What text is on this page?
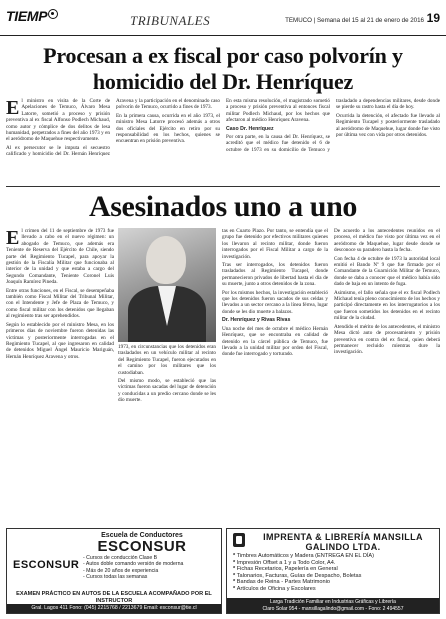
TIEMP	TRIBUNALES	TEMUCO | Semana del 15 al 21 de enero de 2016 19
Procesan a ex fiscal por caso polvorín y homicidio del Dr. Henríquez

El ministro en visita de la Corte de Apelaciones de Temuco, Álvaro Mesa Latorre, sometió a proceso y prisión preventiva al ex fiscal Alfonso Podlech Michaud, como autor y cómplice de dos delitos de lesa humanidad, perpetrados a fines del año 1973 y en el aeródromo de Maquehue respectivamente.

Al ex persecutor se le imputa el secuestro calificado y homicidio del Dr. Hernán Henríquez Aravena y la participación en el denominado caso polvorín de Temuco, ocurrido a fines de 1973.

En la primera causa, ocurrida en el año 1973, el ministro Mesa Latorre procesó además a otros dos oficiales del Ejército en retiro por su responsabilidad en los hechos, quienes se encuentran en prisión preventiva.

En esta misma resolución, el magistrado sometió a proceso y prisión preventiva al entonces fiscal militar Podlech Michaud, por los hechos que afectaron al médico Henríquez Aravena.

Caso Dr. Henríquez

Por otra parte, en la causa del Dr. Henríquez, se acreditó que el médico fue detenido el 6 de octubre de 1973 en su domicilio de Temuco y trasladado a dependencias militares, desde donde se pierde su rastro hasta el día de hoy.

Ocurrida la detención, el afectado fue llevado al Regimiento Tucapel y posteriormente trasladado al aeródromo de Maquehue, lugar donde fue visto por última vez con vida por otros detenidos.

Asesinados uno a uno

El crimen del 11 de septiembre de 1973 fue llevado a cabo en el nuevo régimen: un abogado de Temuco, que además era Teniente de Reserva del Ejército de Chile, siendo parte del Regimiento Tucapel, para apoyar la gestión de la Fiscalía Militar que funcionaba al interior de la unidad y que estaba a cargo del Segundo Comandante, Teniente Coronel Luis Joaquín Ramírez Pineda.

Entre otras funciones, en el Fiscal, se desempeñaba también como Fiscal Militar del Tribunal Militar, con el Intendente y Jefe de Plaza de Temuco, y como fiscal militar con los detenidos que llegaban al regimiento tras ser aprehendidos.

Según lo establecido por el ministro Mesa, en los primeros días de noviembre fueron detenidas las víctimas y posteriormente interrogadas en el Regimiento Tucapel, al que ingresaron en calidad de detenidos Miguel Ángel Mauricio Mariguán, Hernán Henríquez Aravena y otros.

1973, en circunstancias que los detenidos eran trasladados en un vehículo militar al recinto del Regimiento Tucapel, fueron ejecutados en el camino por los militares que los custodiaban.

Del mismo modo, se estableció que las víctimas fueron sacadas del lugar de detención y conducidas a un predio cercano donde se les dio muerte.

tas en Cuarto Plazo. Por tanto, se entendía que el grupo fue detenido por efectivos militares quienes los llevaron al recinto militar, donde fueron interrogados por el Fiscal Militar a cargo de la investigación.

Tras ser interrogados, los detenidos fueron trasladados al Regimiento Tucapel, donde permanecieron privados de libertad hasta el día de su muerte, junto a otros detenidos de la zona.

Por los mismos hechos, la investigación estableció que los detenidos fueron sacados de sus celdas y llevados a un sector cercano a la línea férrea, lugar donde se les dio muerte a balazos.

Dr. Henríquez y Rivas Rivas

Una noche del mes de octubre el médico Hernán Henríquez, que se encontraba en calidad de detenido en la cárcel pública de Temuco, fue llevado a la unidad militar por orden del Fiscal, donde fue interrogado y torturado.

De acuerdo a los antecedentes reunidos en el proceso, el médico fue visto por última vez en el aeródromo de Maquehue, lugar desde donde se desconoce su paradero hasta la fecha.

Con fecha 4 de octubre de 1973 la autoridad local emitió el Bando Nº 9 que fue firmado por el Comandante de la Guarnición Militar de Temuco, donde se daba a conocer que el médico había sido dado de baja en un intento de fuga.

Asimismo, el fallo señala que el ex fiscal Podlech Michaud tenía pleno conocimiento de los hechos y participó directamente en los interrogatorios a los que fueron sometidos los detenidos en el recinto militar de la ciudad.

Atendido el mérito de los antecedentes, el ministro Mesa dictó auto de procesamiento y prisión preventiva en contra del ex fiscal, quien deberá permanecer recluido mientras dure la investigación.

ESCONSUR
Escuela de Conductores
ESCONSUR
- Cursos de conducción Clase B
- Autos doble comando versión de moderna
- Más de 20 años de experiencia
- Cursos todas las semanas
EXAMEN PRÁCTICO EN AUTOS DE LA ESCUELA ACOMPAÑADO POR EL INSTRUCTOR
Gral. Lagos 411 Fono: (045) 2215768 / 2213679 Email: esconsur@tie.cl
IMPRENTA & LIBRERÍA MANSILLA GALINDO LTDA.
* Timbres Automáticos y Madera (ENTREGA EN EL DÍA)
* Impresión Offset a 1 y a Todo Color, A4.
* Fichas Recetarios, Papelería en General
* Talonarios, Facturas, Guías de Despacho, Boletas
* Bandas de Reina - Partes Matrimonio
* Artículos de Oficina y Escolares
Larga Tradición Familiar en Industrias Gráficas y Librería
Claro Solar 954 - mansillagalindo@gmail.com - Fono: 2 494557
